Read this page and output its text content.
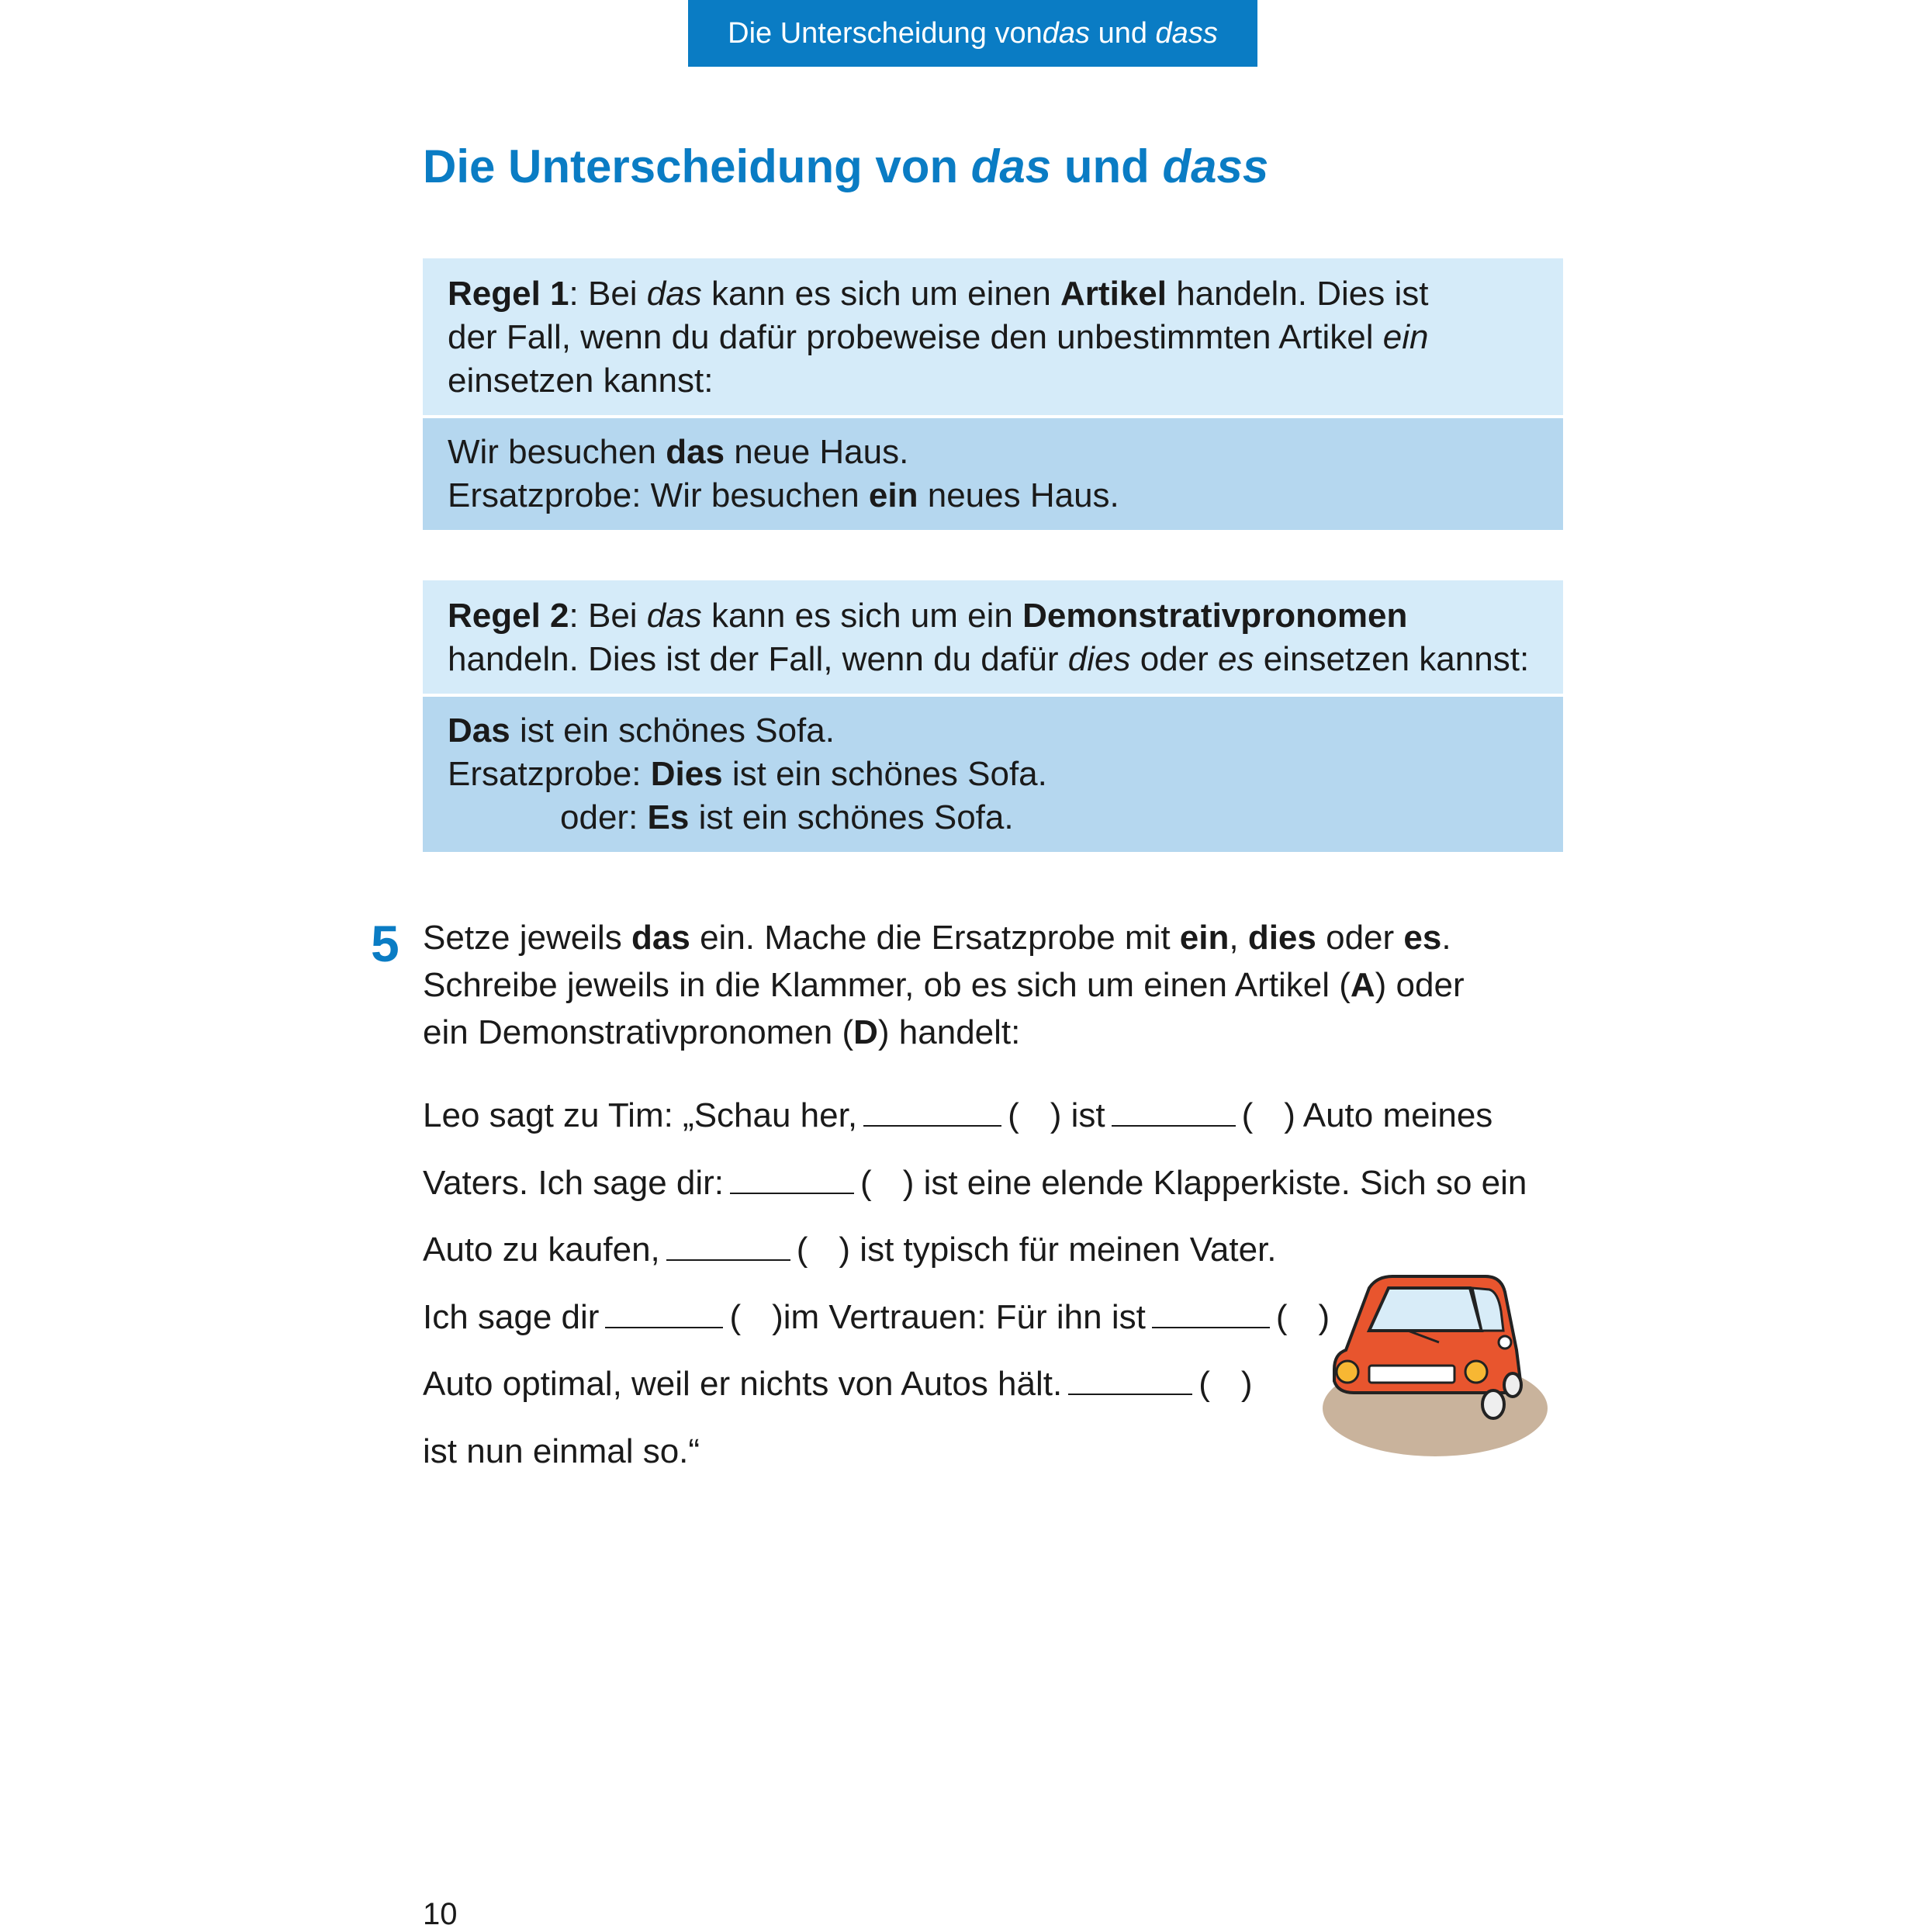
Die Unterscheidung von das und dass
Die Unterscheidung von das und dass

Regel 1: Bei das kann es sich um einen Artikel handeln. Dies ist

der Fall, wenn du dafür probeweise den unbestimmten Artikel ein

einsetzen kannst:

Wir besuchen das neue Haus.

Ersatzprobe: Wir besuchen ein neues Haus.

Regel 2: Bei das kann es sich um ein Demonstrativpronomen

handeln. Dies ist der Fall, wenn du dafür dies oder es einsetzen kannst:

Das ist ein schönes Sofa.

Ersatzprobe: Dies ist ein schönes Sofa.

oder: Es ist ein schönes Sofa.

5 Setze jeweils das ein. Mache die Ersatzprobe mit ein, dies oder es.

Schreibe jeweils in die Klammer, ob es sich um einen Artikel (A) oder

ein Demonstrativpronomen (D) handelt:

Leo sagt zu Tim: „Schau her,	( ) ist	( ) Auto meines
Vaters. Ich sage dir:	( ) ist eine elende Klapperkiste. Sich so ein
Auto zu kaufen,	( ) ist typisch für meinen Vater.
Ich sage dir	( )im Vertrauen: Für ihn ist	( )
Auto optimal, weil er nichts von Autos hält.	( )
ist nun einmal so.“
10
